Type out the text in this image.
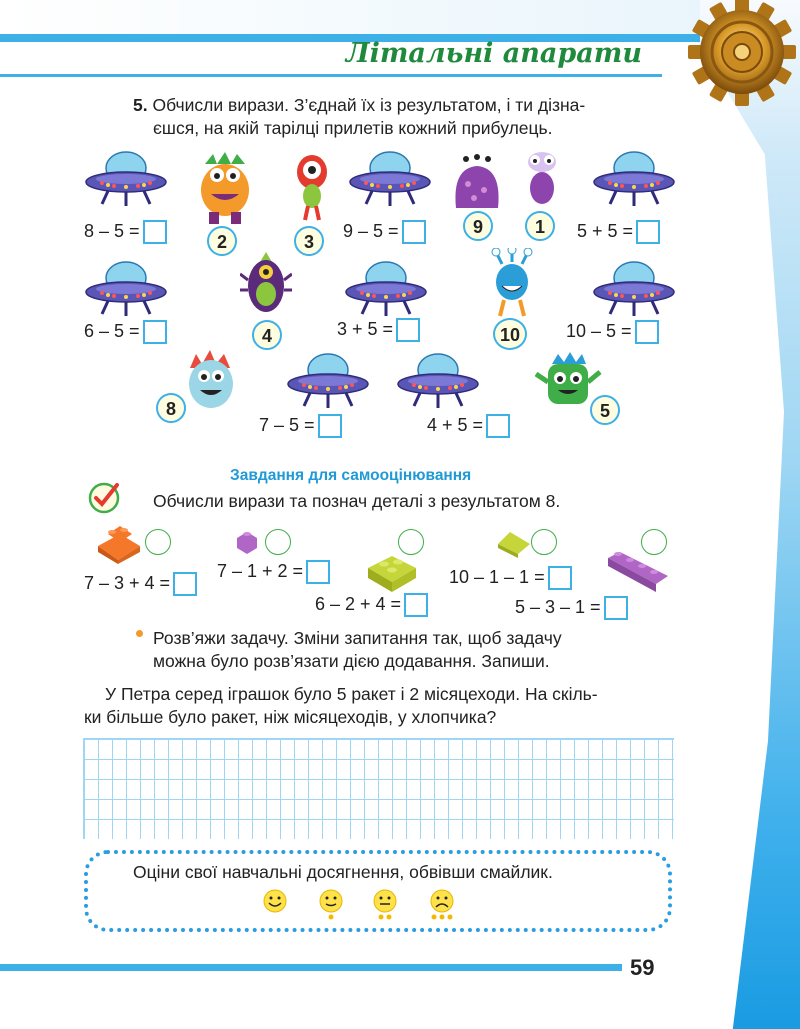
Літальні апарати
5. Обчисли вирази. З’єднай їх із результатом, і ти дізна-
єшся, на якій тарілці прилетів кожний прибулець.
8 – 5 =	9 – 5 =	5 + 5 =
6 – 5 =	3 + 5 =	10 – 5 =
7 – 5 =	4 + 5 =
2	3
9	1
4	10
8	5
Завдання для самооцінювання
Обчисли вирази та познач деталі з результатом 8.
7 – 3 + 4 =
7 – 1 + 2 =
6 – 2 + 4 =
10 – 1 – 1 =
5 – 3 – 1 =
Розв’яжи задачу. Зміни запитання так, щоб задачу
можна було розв’язати дією додавання. Запиши.
У Петра серед іграшок було 5 ракет і 2 місяцеходи. На скіль-
ки більше було ракет, ніж місяцеходів, у хлопчика?
Оціни свої навчальні досягнення, обвівши смайлик.
59
